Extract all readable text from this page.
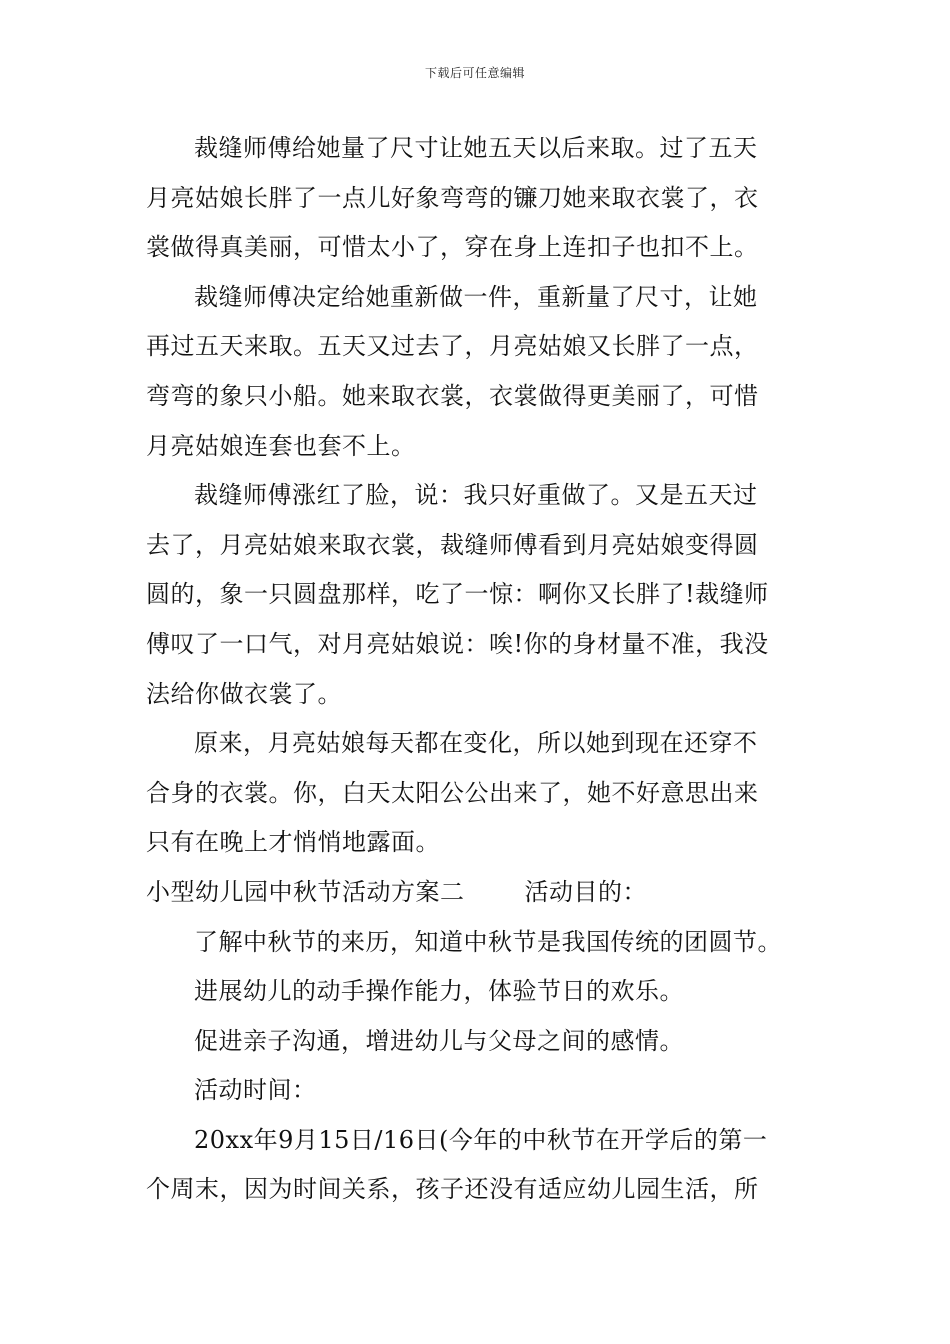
下载后可任意编辑
裁缝师傅给她量了尺寸让她五天以后来取。过了五天
月亮姑娘长胖了一点儿好象弯弯的镰刀她来取衣裳了，衣
裳做得真美丽，可惜太小了，穿在身上连扣子也扣不上。
裁缝师傅决定给她重新做一件，重新量了尺寸，让她
再过五天来取。五天又过去了，月亮姑娘又长胖了一点，
弯弯的象只小船。她来取衣裳，衣裳做得更美丽了，可惜
月亮姑娘连套也套不上。
裁缝师傅涨红了脸，说：我只好重做了。又是五天过
去了，月亮姑娘来取衣裳，裁缝师傅看到月亮姑娘变得圆
圆的，象一只圆盘那样，吃了一惊：啊你又长胖了!裁缝师
傅叹了一口气，对月亮姑娘说：唉!你的身材量不准，我没
法给你做衣裳了。
原来，月亮姑娘每天都在变化，所以她到现在还穿不
合身的衣裳。你，白天太阳公公出来了，她不好意思出来
只有在晚上才悄悄地露面。
小型幼儿园中秋节活动方案二	活动目的：
了解中秋节的来历，知道中秋节是我国传统的团圆节。
进展幼儿的动手操作能力，体验节日的欢乐。
促进亲子沟通，增进幼儿与父母之间的感情。
活动时间：
20xx年9月15日/16日(今年的中秋节在开学后的第一
个周末，因为时间关系，孩子还没有适应幼儿园生活，所
